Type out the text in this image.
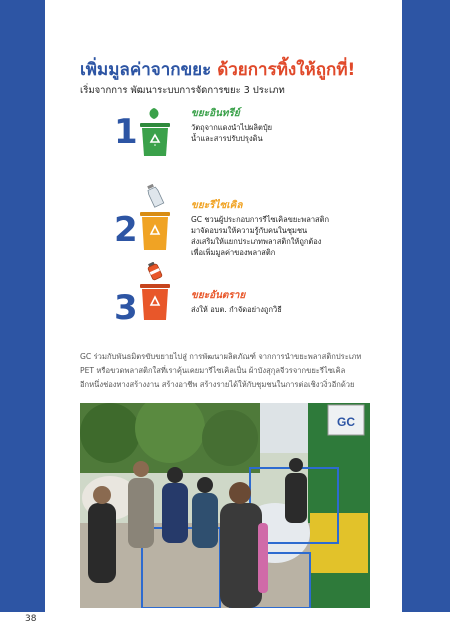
38
เพิ่มมูลค่าจากขยะ ด้วยการทิ้งให้ถูกที่!
เริ่มจากการ พัฒนาระบบการจัดการขยะ 3 ประเภท
1	ขยะอินทรีย์
วัตถุจากแดงนำไปผลิตปุ๋ย
น้ำและสารปรับปรุงดิน
2
ขยะรีไซเคิล
GC ชวนผู้ประกอบการรีไซเคิลขยะพลาสติก
มาจัดอบรมให้ความรู้กับคนในชุมชน
ส่งเสริมให้แยกประเภทพลาสติกให้ถูกต้อง
เพื่อเพิ่มมูลค่าของพลาสติก
3	ขยะอันตราย
ส่งให้ อบต. กำจัดอย่างถูกวิธี
GC ร่วมกับพันธมิตรขับขยายไปสู่ การพัฒนาผลิตภัณฑ์ จากการนำขยะพลาสติกประเภท
PET หรือขวดพลาสติกใสที่เราคุ้นเคยมารีไซเคิลเป็น ผ้าบังสุกุลจีวรจากขยะรีไซเคิล
อีกหนึ่งช่องทางสร้างงาน สร้างอาชีพ สร้างรายได้ให้กับชุมชนในการต่อเชิงวงิ่วอีกด้วย
GC
